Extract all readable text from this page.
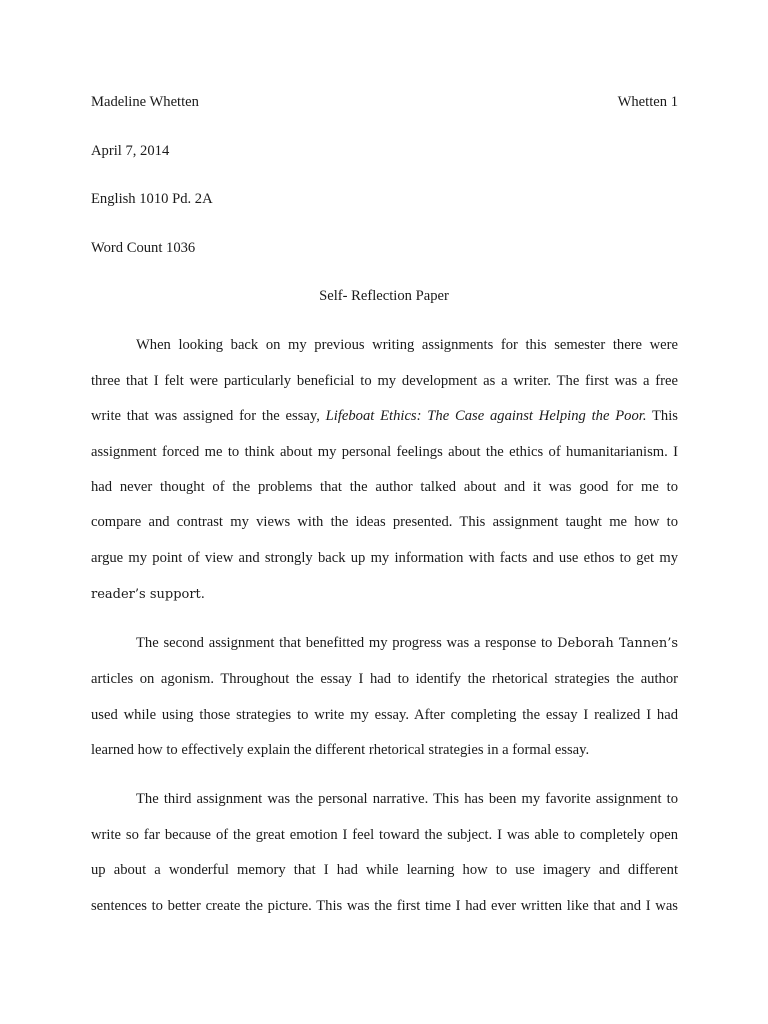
Madeline Whetten	Whetten 1
April 7, 2014
English 1010 Pd. 2A
Word Count 1036
Self- Reflection Paper
When looking back on my previous writing assignments for this semester there were
three that I felt were particularly beneficial to my development as a writer. The first was a free
write that was assigned for the essay, Lifeboat Ethics: The Case against Helping the Poor. This
assignment forced me to think about my personal feelings about the ethics of humanitarianism. I
had never thought of the problems that the author talked about and it was good for me to
compare and contrast my views with the ideas presented. This assignment taught me how to
argue my point of view and strongly back up my information with facts and use ethos to get my
reader’s support.
The second assignment that benefitted my progress was a response to Deborah Tannen’s
articles on agonism. Throughout the essay I had to identify the rhetorical strategies the author
used while using those strategies to write my essay. After completing the essay I realized I had
learned how to effectively explain the different rhetorical strategies in a formal essay.
The third assignment was the personal narrative. This has been my favorite assignment to
write so far because of the great emotion I feel toward the subject. I was able to completely open
up about a wonderful memory that I had while learning how to use imagery and different
sentences to better create the picture. This was the first time I had ever written like that and I was
